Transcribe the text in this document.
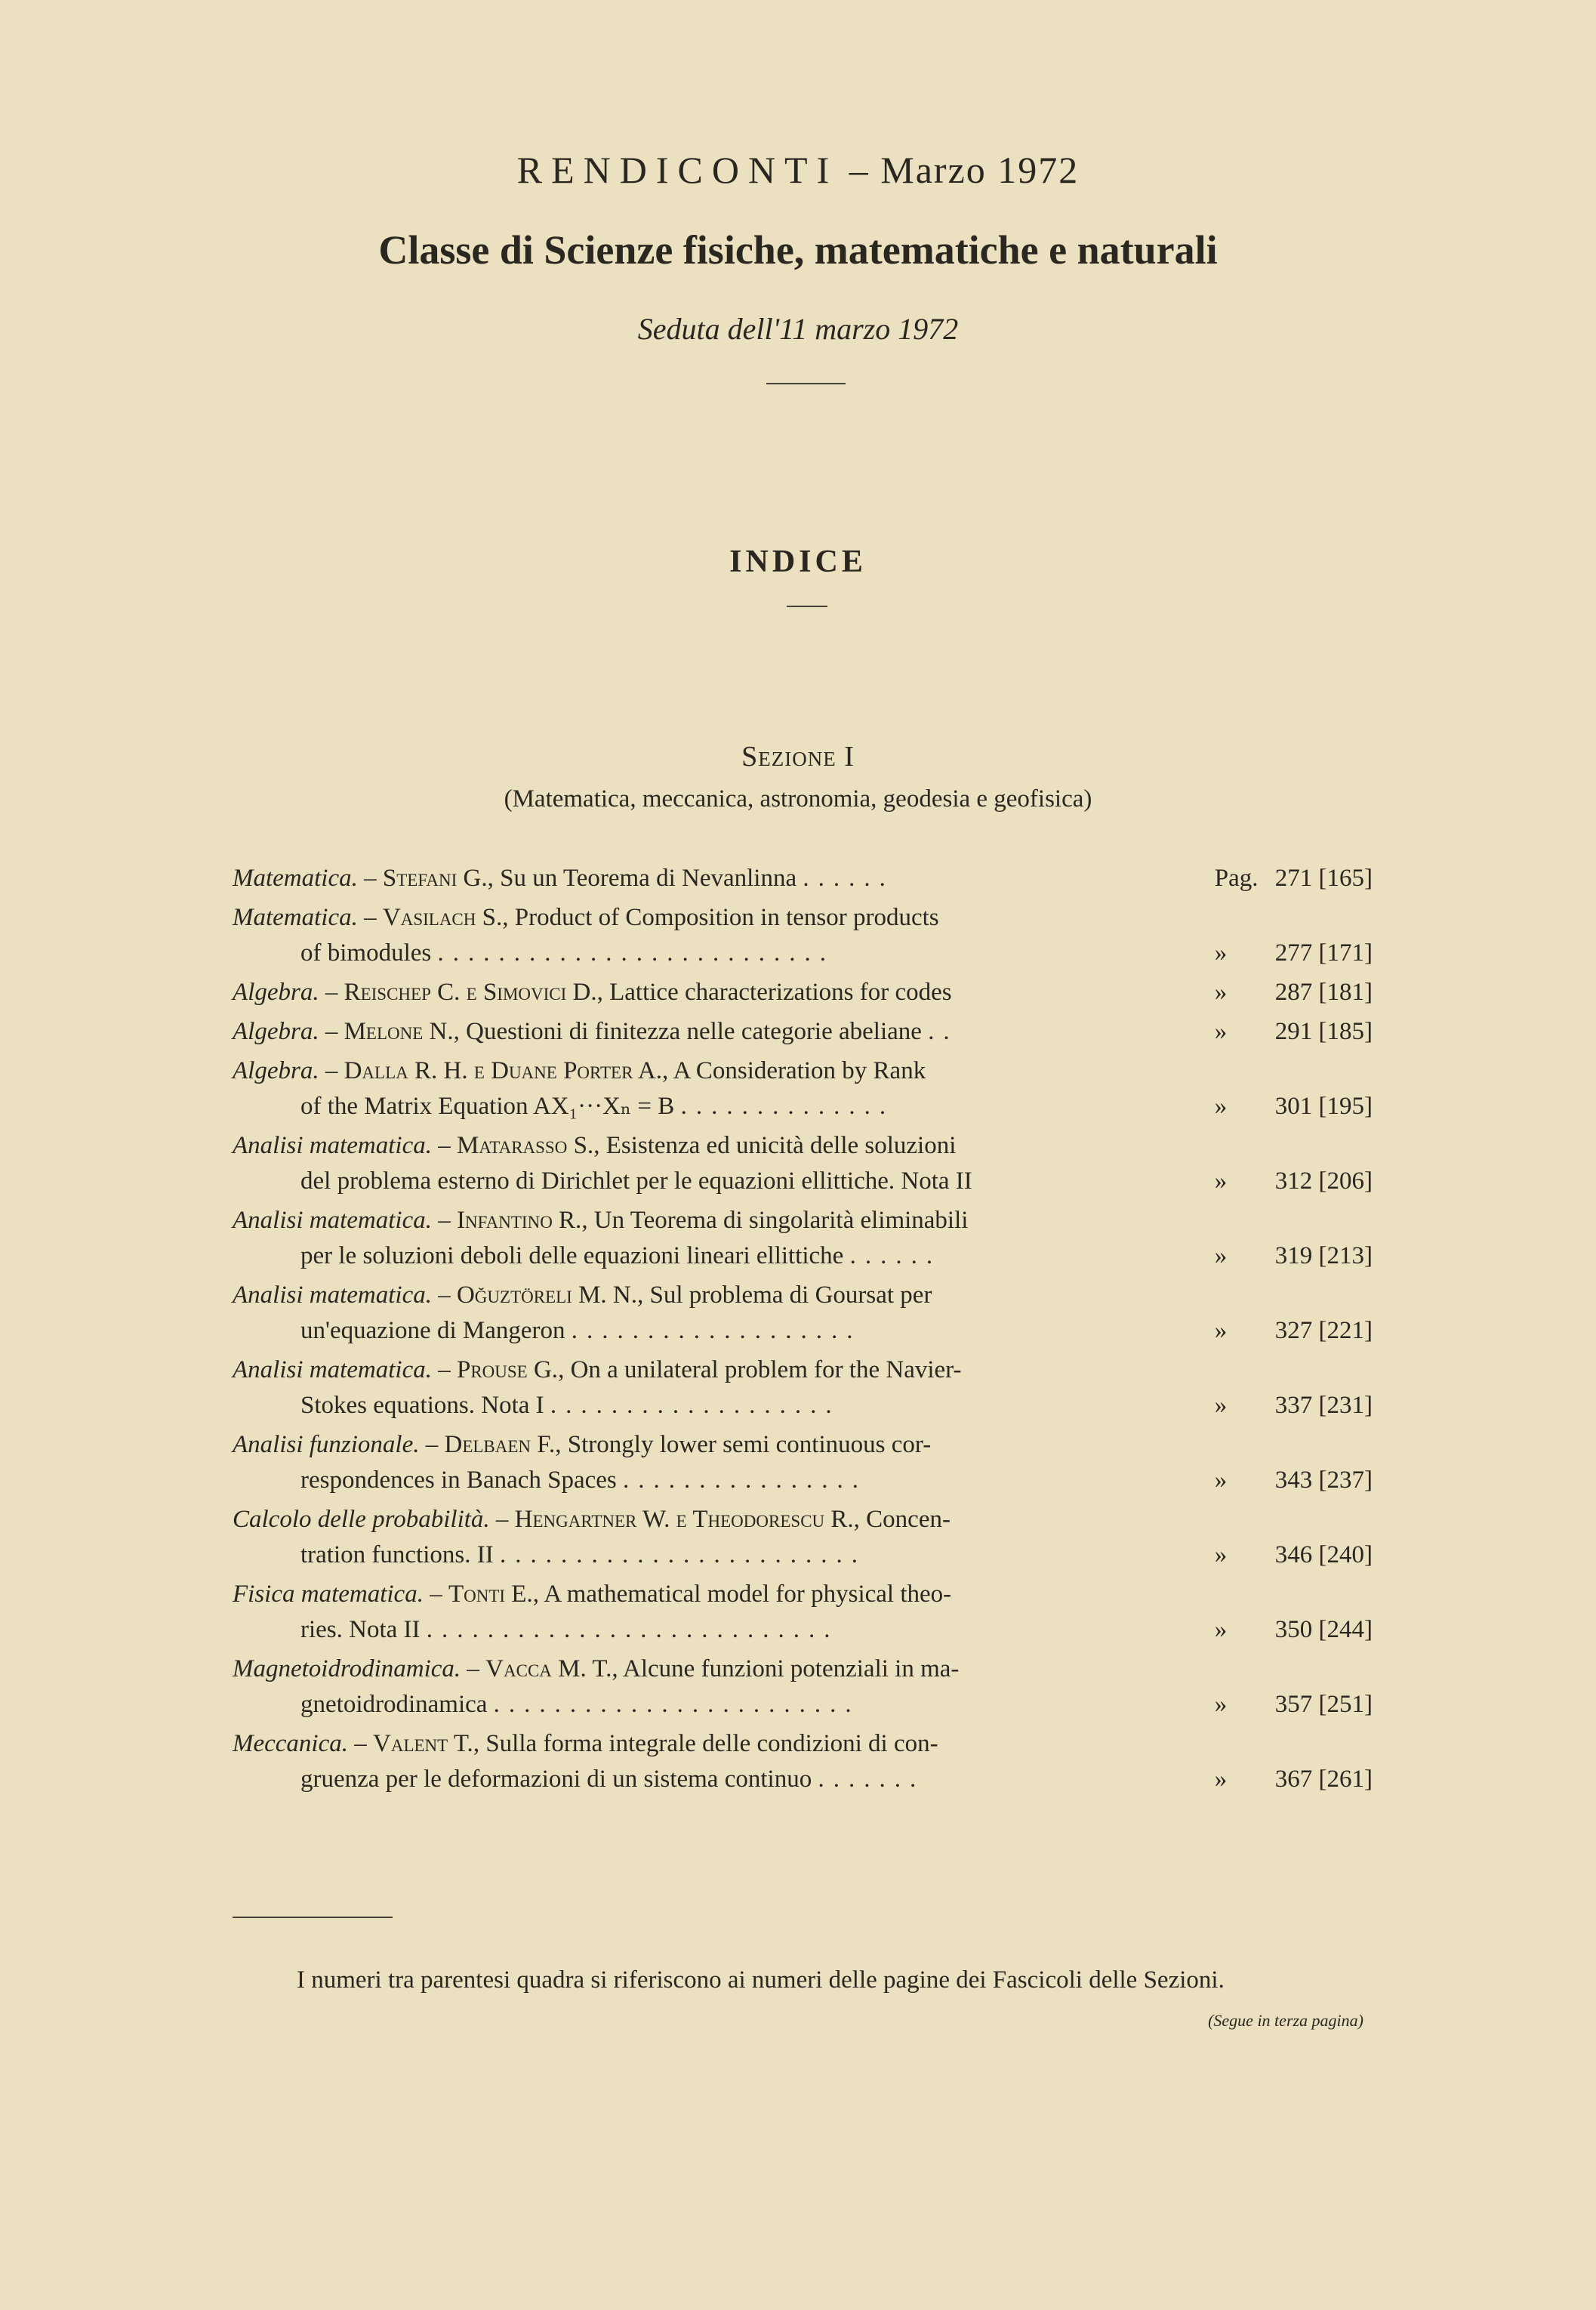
RENDICONTI – Marzo 1972
Classe di Scienze fisiche, matematiche e naturali
Seduta dell'11 marzo 1972
INDICE
Sezione I
(Matematica, meccanica, astronomia, geodesia e geofisica)
Matematica. – Stefani G., Su un Teorema di Nevanlinna ......	Pag. 271 [165]
Matematica. – Vasilach S., Product of Composition in tensor products
of bimodules ..........................	» 277 [171]
Algebra. – Reischep C. e Simovici D., Lattice characterizations for codes	» 287 [181]
Algebra. – Melone N., Questioni di finitezza nelle categorie abeliane ..	» 291 [185]
Algebra. – Dalla R. H. e Duane Porter A., A Consideration by Rank
of the Matrix Equation AX₁···Xₙ = B ..............	» 301 [195]
Analisi matematica. – Matarasso S., Esistenza ed unicità delle soluzioni
del problema esterno di Dirichlet per le equazioni ellittiche. Nota II	» 312 [206]
Analisi matematica. – Infantino R., Un Teorema di singolarità eliminabili
per le soluzioni deboli delle equazioni lineari ellittiche ......	» 319 [213]
Analisi matematica. – Oğuztöreli M. N., Sul problema di Goursat per
un'equazione di Mangeron ...................	» 327 [221]
Analisi matematica. – Prouse G., On a unilateral problem for the Navier-
Stokes equations. Nota I ...................	» 337 [231]
Analisi funzionale. – Delbaen F., Strongly lower semi continuous cor-
respondences in Banach Spaces ................	» 343 [237]
Calcolo delle probabilità. – Hengartner W. e Theodorescu R., Concen-
tration functions. II ........................	» 346 [240]
Fisica matematica. – Tonti E., A mathematical model for physical theo-
ries. Nota II ...........................	» 350 [244]
Magnetoidrodinamica. – Vacca M. T., Alcune funzioni potenziali in ma-
gnetoidrodinamica ........................	» 357 [251]
Meccanica. – Valent T., Sulla forma integrale delle condizioni di con-
gruenza per le deformazioni di un sistema continuo .......	» 367 [261]
I numeri tra parentesi quadra si riferiscono ai numeri delle pagine dei Fascicoli delle Sezioni.
(Segue in terza pagina)
